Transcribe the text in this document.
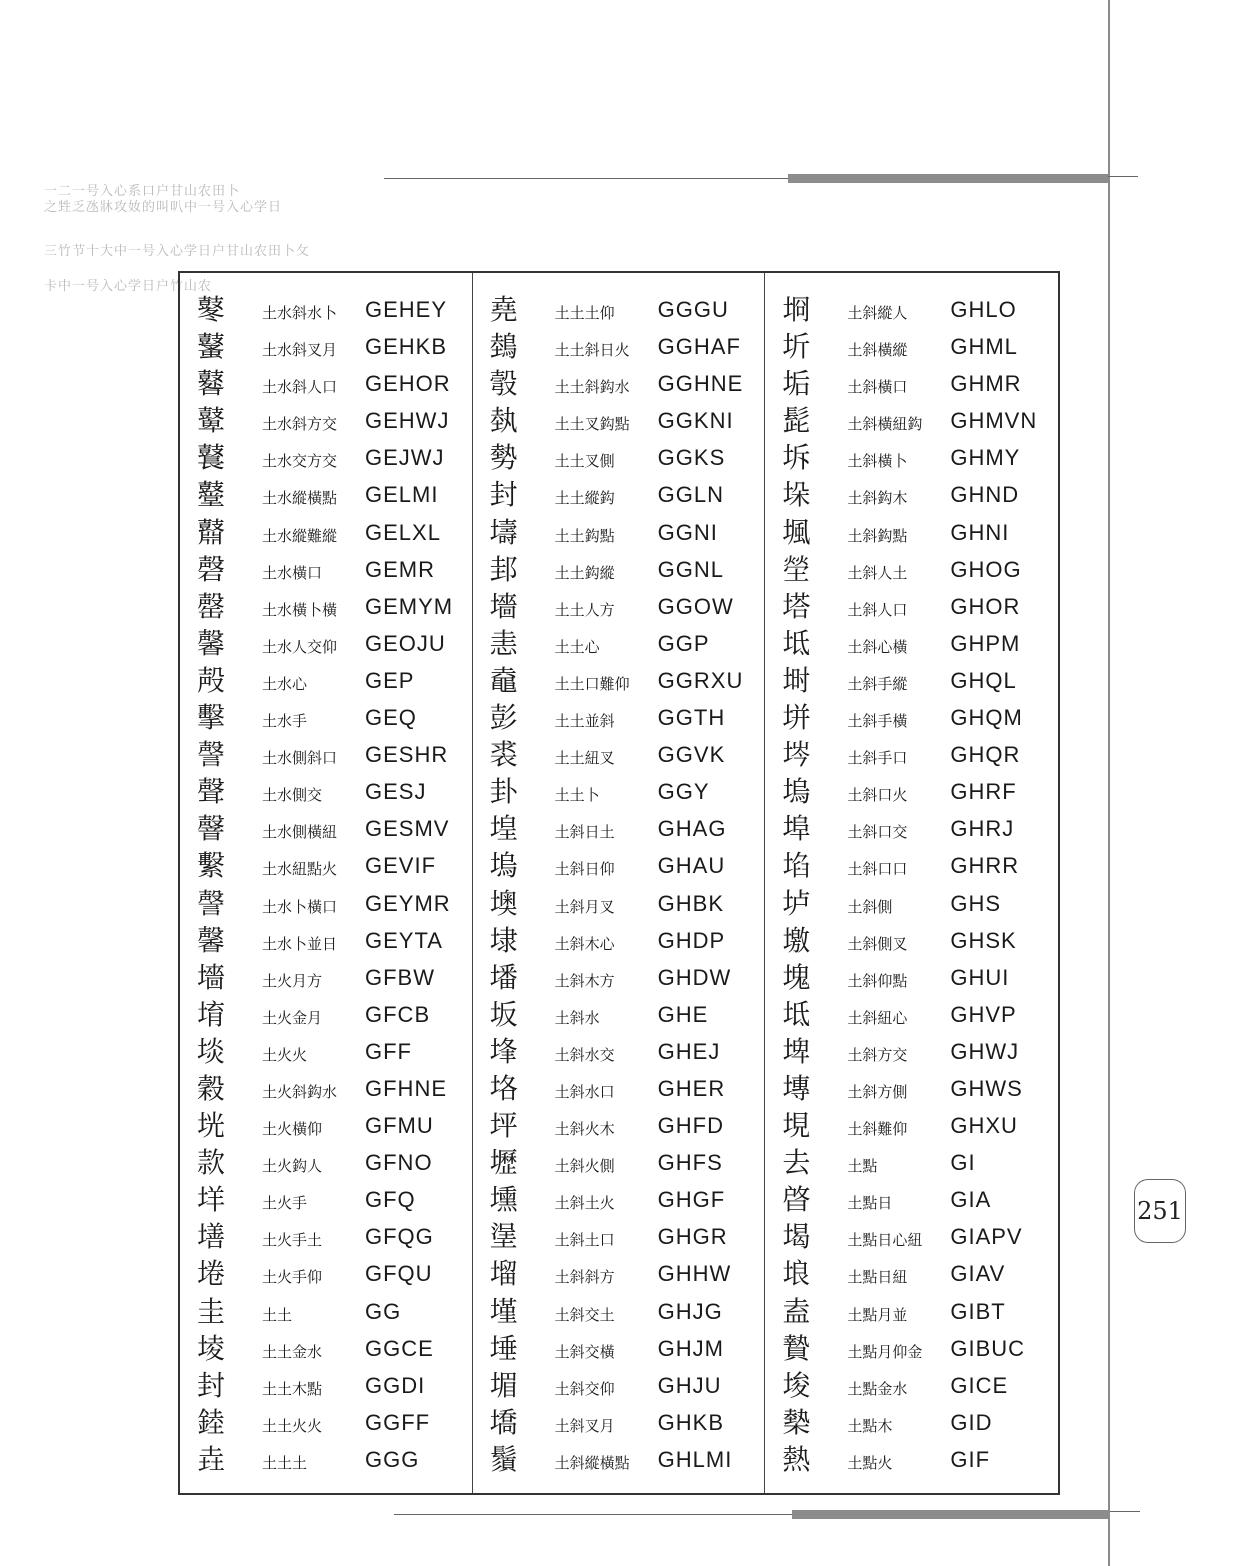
一二一号入心系口户甘山农田卜
之甡乏氹牀攻奻的叫叭中一号入心学日
三竹节十大中一号入心学日户甘山农田卜攵
卡中一号入心学日户竹山农
鼕 土水斜水卜 GEHEY
鼜 土水斜叉月 GEHKB
鼛 土水斜人口 GEHOR
鼙 土水斜方交 GEHWJ
鼚 土水交方交 GEJWJ
鼞 土水縱橫點 GELMI
鼘 土水縱難縱 GELXL
磬 土水橫口 GEMR
罄 土水橫卜橫 GEMYM
馨 土水人交仰 GEOJU
殸 土水心	GEP
擊 土水手	GEQ
謦 土水側斜口 GESHR
聲 土水側交 GESJ
韾 土水側橫紐 GESMV
繫 土水紐點火 GEVIF
謦 土水卜橫口 GEYMR
馨 土水卜並日 GEYTA
墻 土火月方 GFBW
堉 土火金月 GFCB
埮 土火火	GFF
穀 土火斜鈎水 GFHNE
垙 土火橫仰 GFMU
款 土火鈎人 GFNO
垟 土火手	GFQ
墡 土火手土 GFQG
埢 土火手仰 GFQU
圭 土土	GG
堎 土土金水 GGCE
封 土土木點 GGDI
錴 土土火火 GGFF
垚 土土土	GGG
堯 土土土仰 GGGU
鵱 土土斜日火 GGHAF
彀 土土斜鈎水 GGHNE
埶 土土叉鈎點 GGKNI
勢 土土叉側 GGKS
封 土土縱鈎 GGLN
壔 土土鈎點 GGNI
邽 土土鈎縱 GGNL
墻 土土人方 GGOW
恚 土土心	GGP
鼀 土土口難仰 GGRXU
彭 土土並斜 GGTH
裘 土土紐叉 GGVK
卦 土土卜	GGY
堭 土斜日土 GHAG
塢 土斜日仰 GHAU
墺 土斜月叉 GHBK
埭 土斜木心 GHDP
墦 土斜木方 GHDW
坂 土斜水	GHE
埄 土斜水交 GHEJ
垎 土斜水口 GHER
坪 土斜火木 GHFD
壢 土斜火側 GHFS
壎 土斜土火 GHGF
塣 土斜土口 GHGR
塯 土斜斜方 GHHW
墐 土斜交土 GHJG
埵 土斜交橫 GHJM
堳 土斜交仰 GHJU
墧 土斜叉月 GHKB
鬚 土斜縱橫點 GHLMI
埛 土斜縱人 GHLO
圻 土斜橫縱 GHML
垢 土斜橫口 GHMR
髭 土斜橫紐鈎 GHMVN
坼 土斜橫卜 GHMY
垛 土斜鈎木 GHND
堸 土斜鈎點 GHNI
塋 土斜人土 GHOG
塔 土斜人口 GHOR
坻 土斜心橫 GHPM
埘 土斜手縱 GHQL
垪 土斜手橫 GHQM
埁 土斜手口 GHQR
塢 土斜口火 GHRF
埠 土斜口交 GHRJ
埳 土斜口口 GHRR
垆 土斜側	GHS
墽 土斜側叉 GHSK
塊 土斜仰點 GHUI
坻 土斜紐心 GHVP
埤 土斜方交 GHWJ
塼 土斜方側 GHWS
垷 土斜難仰 GHXU
去 土點	GI
晵 土點日	GIA
堨 土點日心紐 GIAPV
埌 土點日紐 GIAV
盍 土點月並 GIBT
贄 土點月仰金 GIBUC
埈 土點金水 GICE
槷 土點木	GID
熱 土點火	GIF
251
